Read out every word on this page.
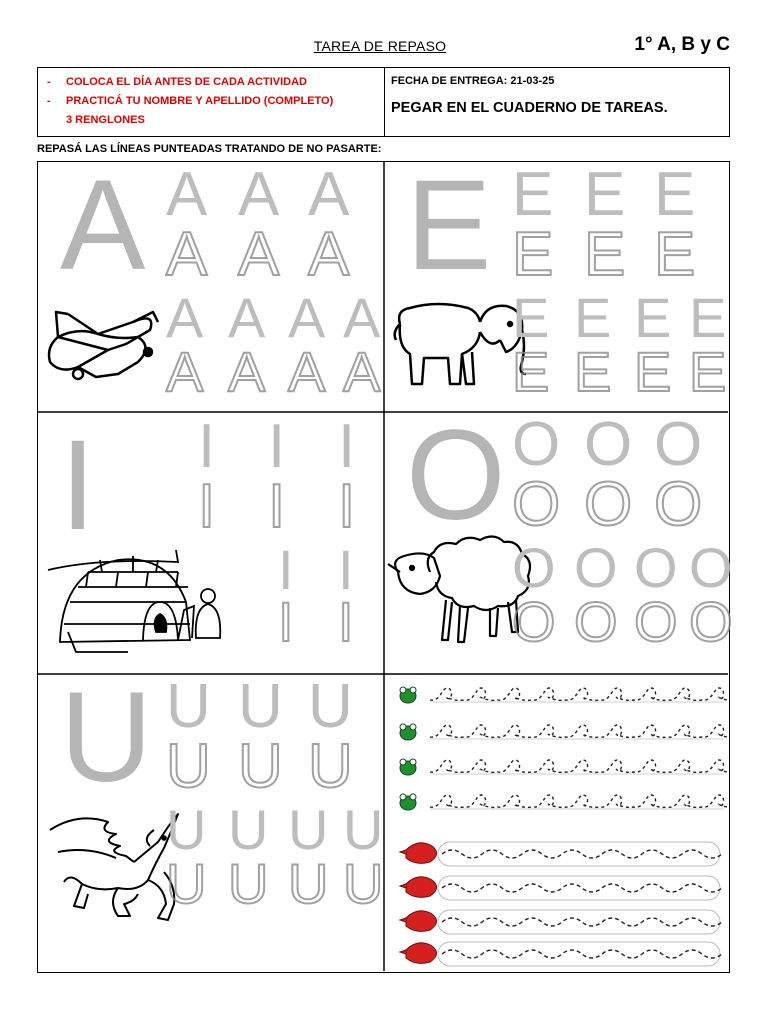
TAREA DE REPASO	1° A, B y C
- COLOCA EL DÍA ANTES DE CADA ACTIVIDAD
- PRACTICÁ TU NOMBRE Y APELLIDO (COMPLETO)
3 RENGLONES
FECHA DE ENTREGA: 21-03-25
PEGAR EN EL CUADERNO DE TAREAS.
REPASÁ LAS LÍNEAS PUNTEADAS TRATANDO DE NO PASARTE:
A A A A
A A A
A A A A
A A A A
E E E E
E E E
E E E E
E E E E
I I I I
I I I
I I
I I
O O O O
O O O
O O O O
O O O O
U U U U
U U U
U U U U
U U U U
